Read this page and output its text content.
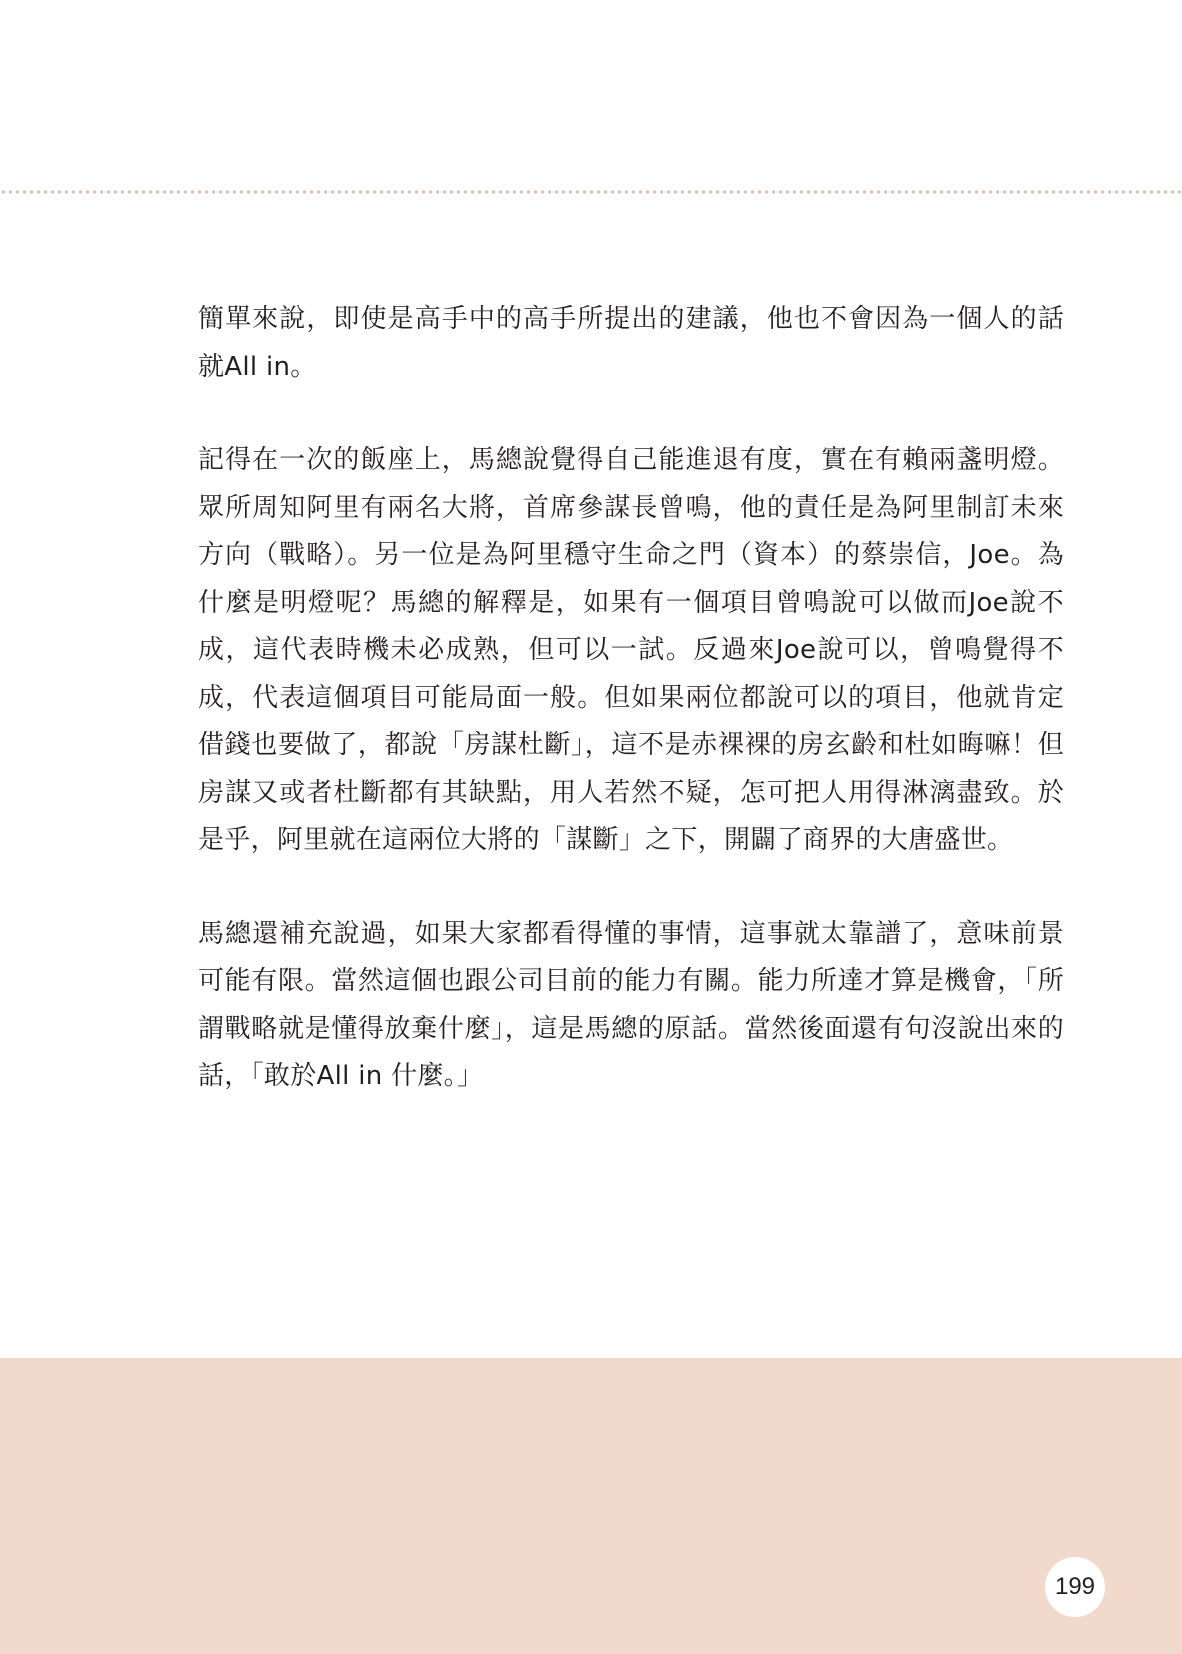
簡單來說，即使是高手中的高手所提出的建議，他也不會因為一個人的話就All in。

記得在一次的飯座上，馬總說覺得自己能進退有度，實在有賴兩盞明燈。眾所周知阿里有兩名大將，首席參謀長曾鳴，他的責任是為阿里制訂未來方向（戰略）。另一位是為阿里穩守生命之門（資本）的蔡崇信，Joe。為什麼是明燈呢？馬總的解釋是，如果有一個項目曾鳴說可以做而Joe說不成，這代表時機未必成熟，但可以一試。反過來Joe說可以，曾鳴覺得不成，代表這個項目可能局面一般。但如果兩位都說可以的項目，他就肯定借錢也要做了，都說「房謀杜斷」，這不是赤裸裸的房玄齡和杜如晦嘛！但房謀又或者杜斷都有其缺點，用人若然不疑，怎可把人用得淋漓盡致。於是乎，阿里就在這兩位大將的「謀斷」之下，開闢了商界的大唐盛世。

馬總還補充說過，如果大家都看得懂的事情，這事就太靠譜了，意味前景可能有限。當然這個也跟公司目前的能力有關。能力所達才算是機會，「所謂戰略就是懂得放棄什麼」，這是馬總的原話。當然後面還有句沒說出來的話，「敢於All in 什麼。」

199
